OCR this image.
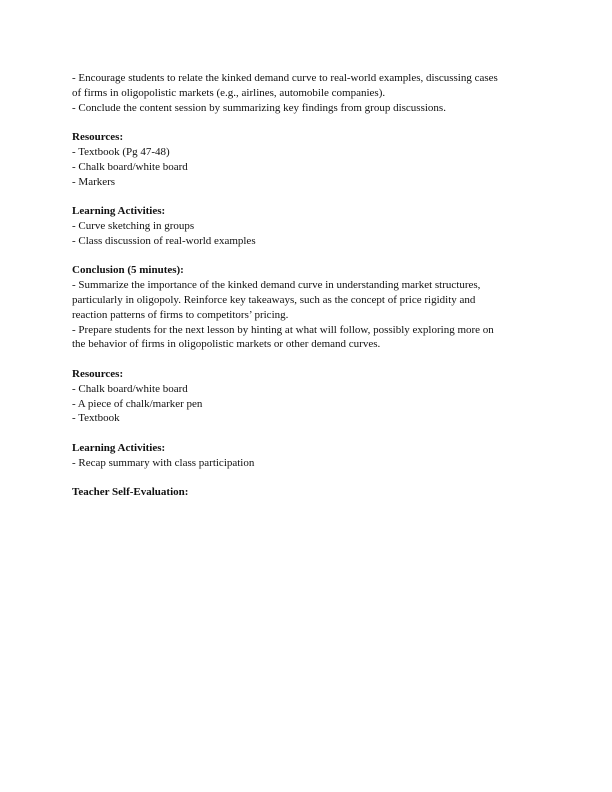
- Encourage students to relate the kinked demand curve to real-world examples, discussing cases
of firms in oligopolistic markets (e.g., airlines, automobile companies).
- Conclude the content session by summarizing key findings from group discussions.
Resources:
- Textbook (Pg 47-48)
- Chalk board/white board
- Markers
Learning Activities:
- Curve sketching in groups
- Class discussion of real-world examples
Conclusion (5 minutes):
- Summarize the importance of the kinked demand curve in understanding market structures,
particularly in oligopoly. Reinforce key takeaways, such as the concept of price rigidity and
reaction patterns of firms to competitors’ pricing.
- Prepare students for the next lesson by hinting at what will follow, possibly exploring more on
the behavior of firms in oligopolistic markets or other demand curves.
Resources:
- Chalk board/white board
- A piece of chalk/marker pen
- Textbook
Learning Activities:
- Recap summary with class participation
Teacher Self-Evaluation:
